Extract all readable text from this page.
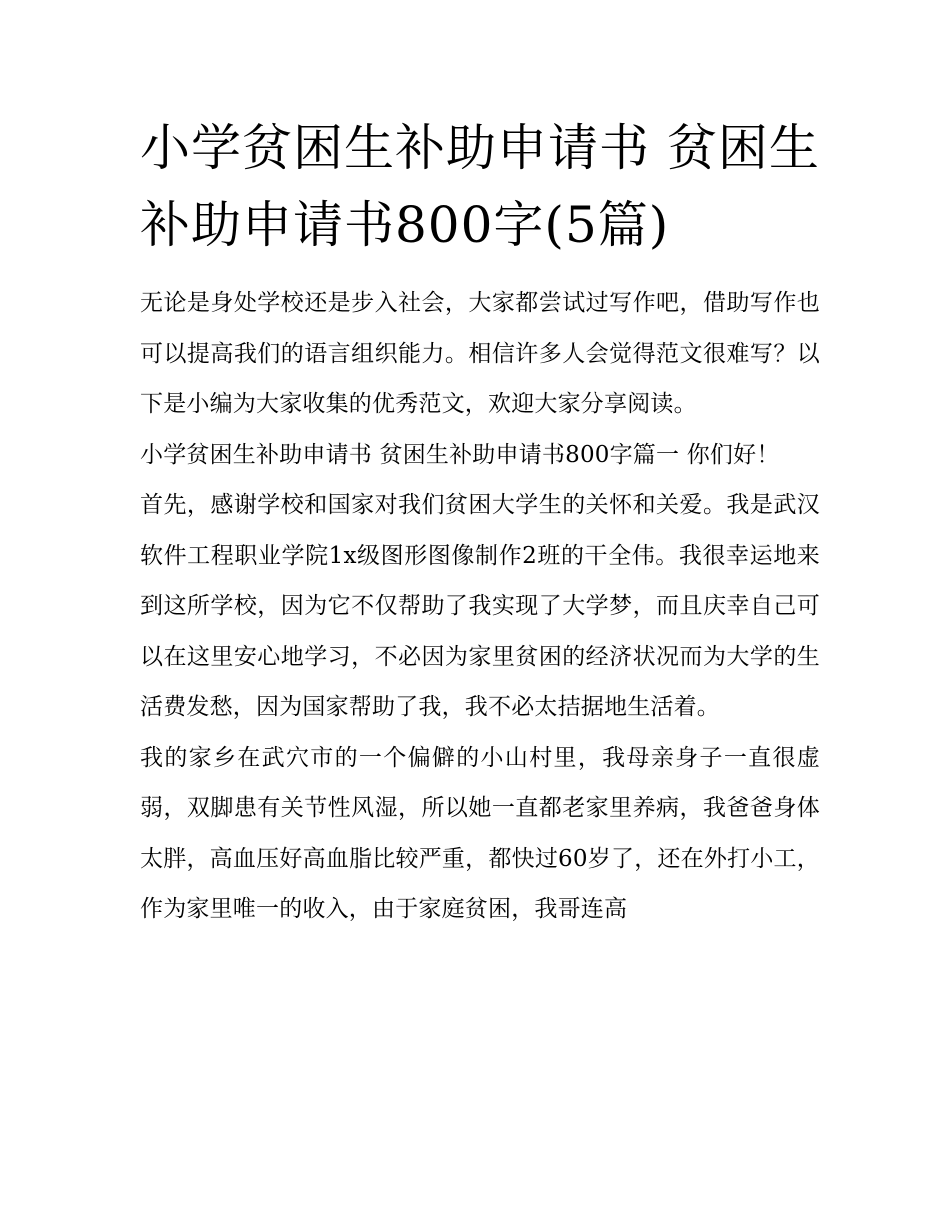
小学贫困生补助申请书 贫困生补助申请书800字(5篇)

无论是身处学校还是步入社会，大家都尝试过写作吧，借助写作也可以提高我们的语言组织能力。相信许多人会觉得范文很难写？以下是小编为大家收集的优秀范文，欢迎大家分享阅读。

小学贫困生补助申请书 贫困生补助申请书800字篇一 你们好！

首先，感谢学校和国家对我们贫困大学生的关怀和关爱。我是武汉软件工程职业学院1x级图形图像制作2班的干全伟。我很幸运地来到这所学校，因为它不仅帮助了我实现了大学梦，而且庆幸自己可以在这里安心地学习，不必因为家里贫困的经济状况而为大学的生活费发愁，因为国家帮助了我，我不必太拮据地生活着。

我的家乡在武穴市的一个偏僻的小山村里，我母亲身子一直很虚弱，双脚患有关节性风湿，所以她一直都老家里养病，我爸爸身体太胖，高血压好高血脂比较严重，都快过60岁了，还在外打小工，作为家里唯一的收入，由于家庭贫困，我哥连高
